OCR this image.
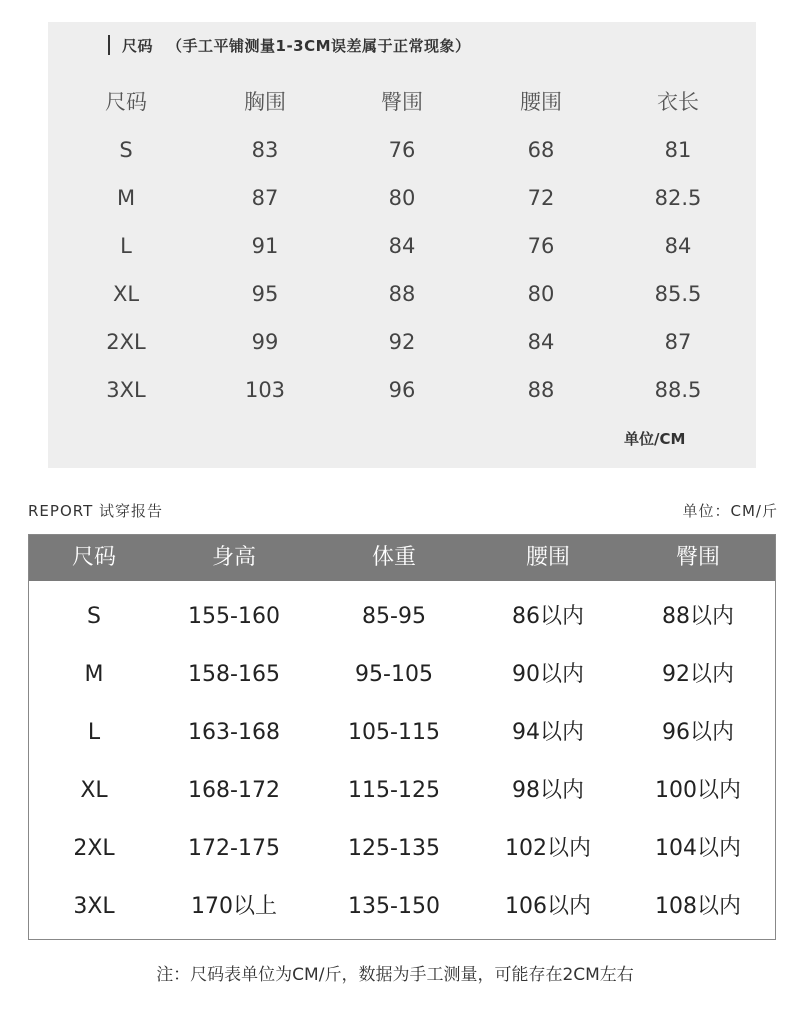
尺码 （手工平铺测量1-3CM误差属于正常现象）
尺码	胸围	臀围	腰围	衣长
S	83	76	68	81
M	87	80	72	82.5
L	91	84	76	84
XL	95	88	80	85.5
2XL	99	92	84	87
3XL	103	96	88	88.5
单位/CM
REPORT 试穿报告	单位：CM/斤
尺码	身高	体重	腰围	臀围
S	155-160	85-95	86以内	88以内
M	158-165	95-105	90以内	92以内
L	163-168	105-115	94以内	96以内
XL	168-172	115-125	98以内	100以内
2XL	172-175	125-135	102以内	104以内
3XL	170以上	135-150	106以内	108以内
注：尺码表单位为CM/斤，数据为手工测量，可能存在2CM左右
